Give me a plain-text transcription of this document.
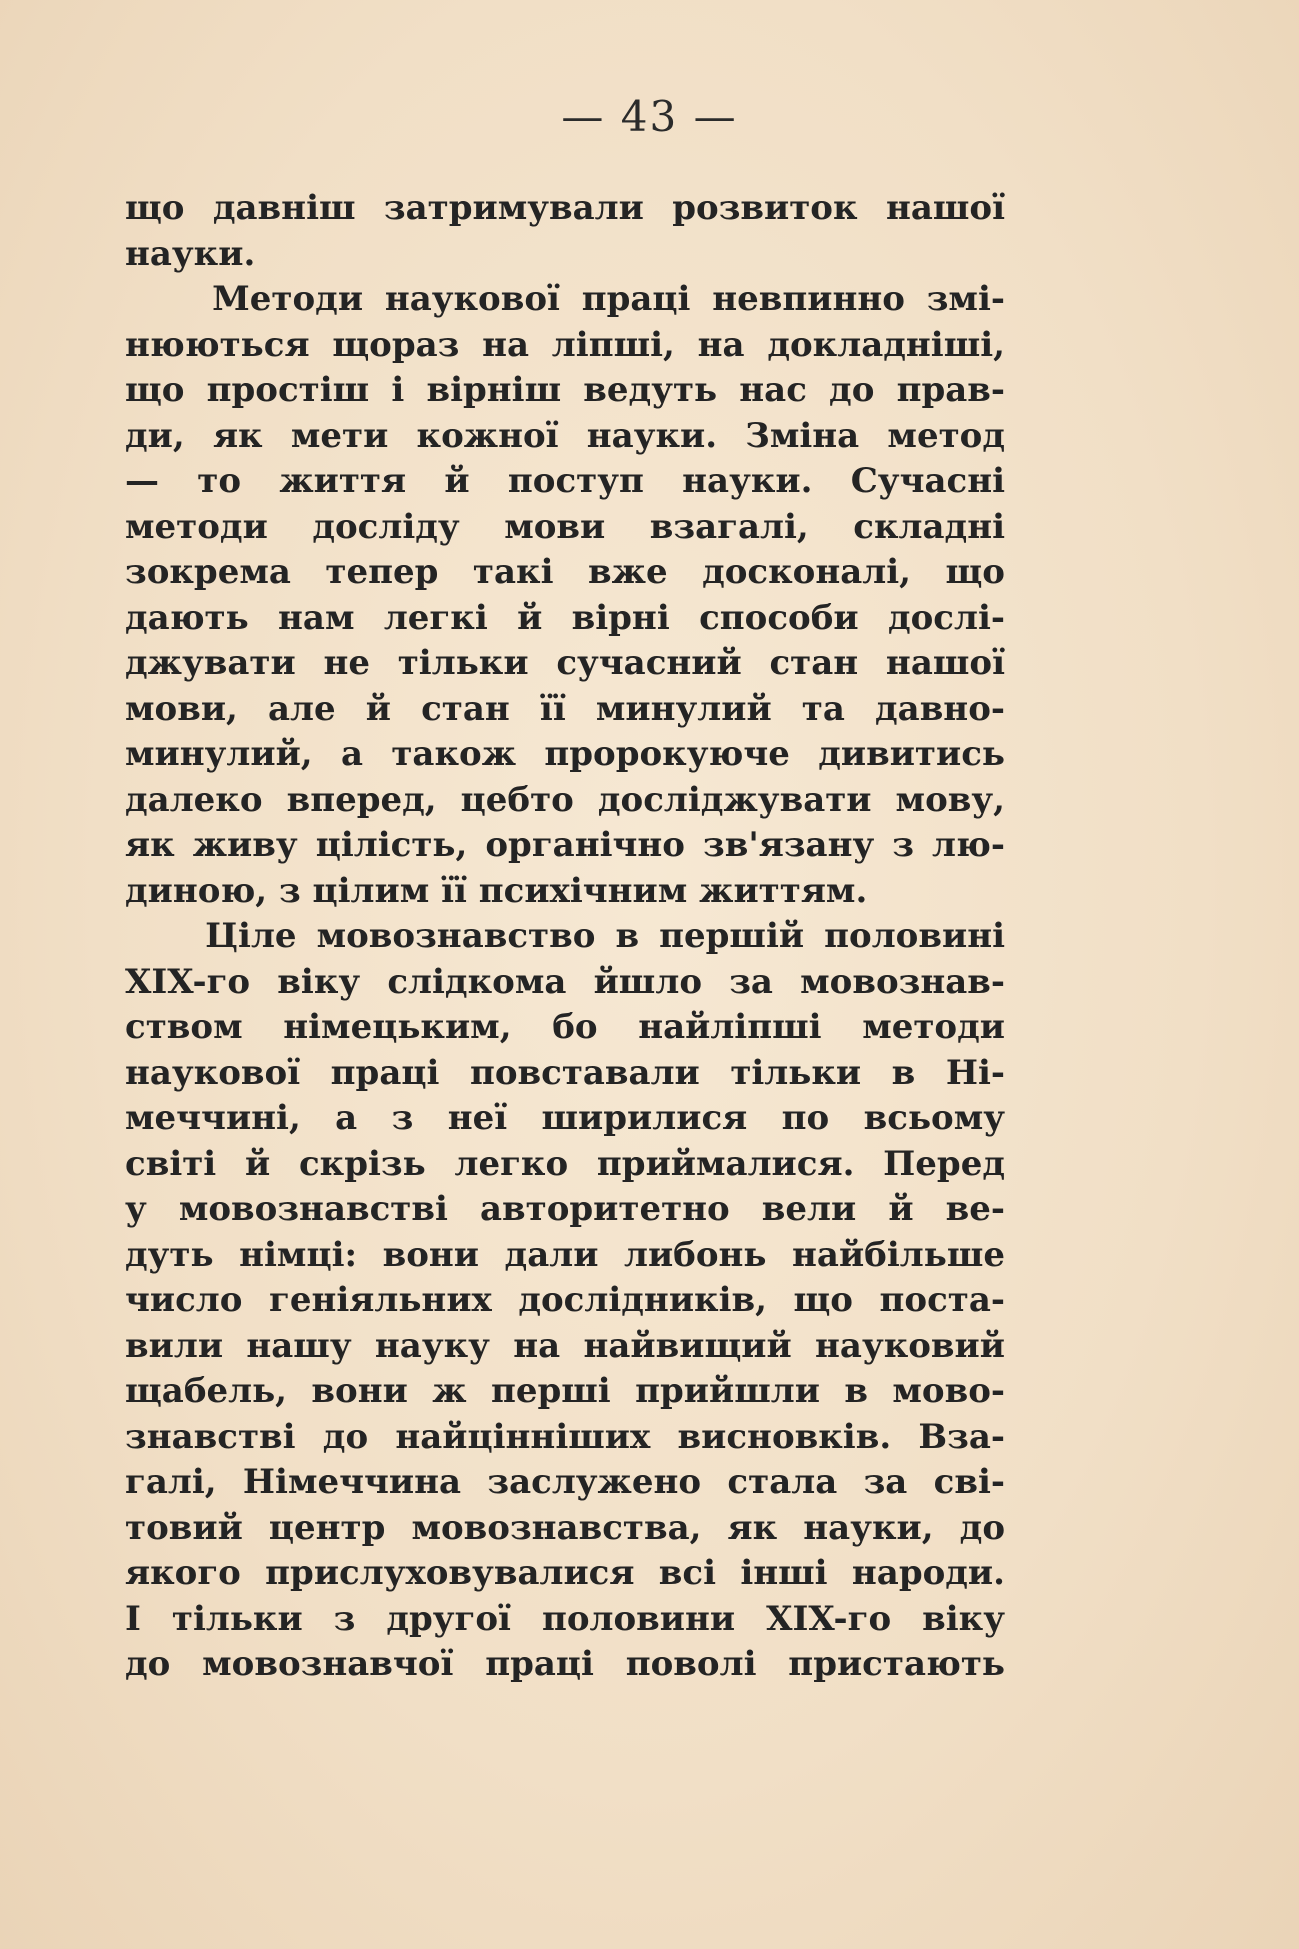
— 43 —
що давніш затримували розвиток нашої
науки.
Методи наукової праці невпинно змі-
нюються щораз на ліпші, на докладніші,
що простіш і вірніш ведуть нас до прав-
ди, як мети кожної науки. Зміна метод
— то життя й поступ науки. Сучасні
методи досліду мови взагалі, складні
зокрема тепер такі вже досконалі, що
дають нам легкі й вірні способи дослі-
джувати не тільки сучасний стан нашої
мови, але й стан її минулий та давно-
минулий, а також пророкуюче дивитись
далеко вперед, цебто досліджувати мову,
як живу цілість, органічно зв'язану з лю-
диною, з цілим її психічним життям.
Ціле мовознавство в першій половині
XIX-го віку слідкома йшло за мовознав-
ством німецьким, бо найліпші методи
наукової праці повставали тільки в Ні-
меччині, а з неї ширилися по всьому
світі й скрізь легко приймалися. Перед
у мовознавстві авторитетно вели й ве-
дуть німці: вони дали либонь найбільше
число геніяльних дослідників, що поста-
вили нашу науку на найвищий науковий
щабель, вони ж перші прийшли в мово-
знавстві до найцінніших висновків. Вза-
галі, Німеччина заслужено стала за сві-
товий центр мовознавства, як науки, до
якого прислуховувалися всі інші народи.
І тільки з другої половини XIX-го віку
до мовознавчої праці поволі пристають
